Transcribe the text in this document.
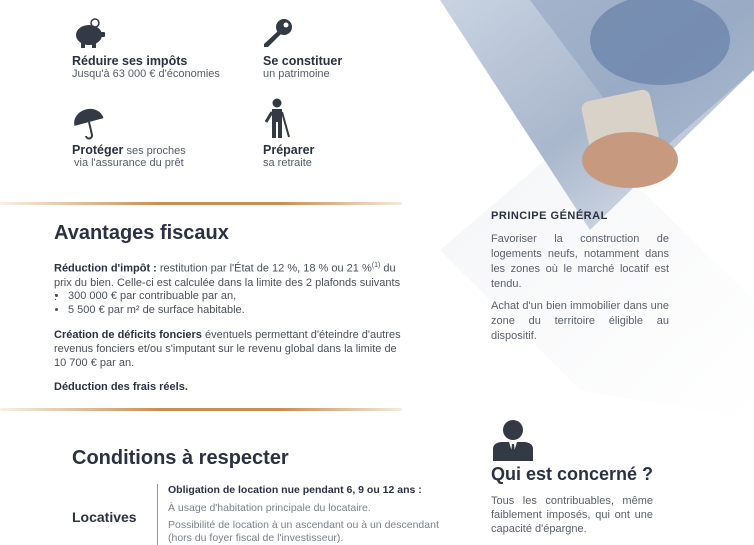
Réduire ses impôts
Jusqu'à 63 000 € d'économies
Se constituer
un patrimoine
Protéger ses proches
via l'assurance du prêt
Préparer
sa retraite
Avantages fiscaux
Réduction d'impôt : restitution par l'État de 12 %, 18 % ou 21 %$^{(1)}$ du prix du bien. Celle-ci est calculée dans la limite des 2 plafonds suivants :
• 300 000 € par contribuable par an,
• 5 500 € par m² de surface habitable.
Création de déficits fonciers éventuels permettant d'éteindre d'autres revenus fonciers et/ou s'imputant sur le revenu global dans la limite de 10 700 € par an.
Déduction des frais réels.
Conditions à respecter
Locatives
Obligation de location nue pendant 6, 9 ou 12 ans :
À usage d'habitation principale du locataire.
Possibilité de location à un ascendant ou à un descendant (hors du foyer fiscal de l'investisseur).
PRINCIPE GÉNÉRAL
Favoriser la construction de logements neufs, notamment dans les zones où le marché locatif est tendu.
Achat d'un bien immobilier dans une zone du territoire éligible au dispositif.
Qui est concerné ?
Tous les contribuables, même faiblement imposés, qui ont une capacité d'épargne.
